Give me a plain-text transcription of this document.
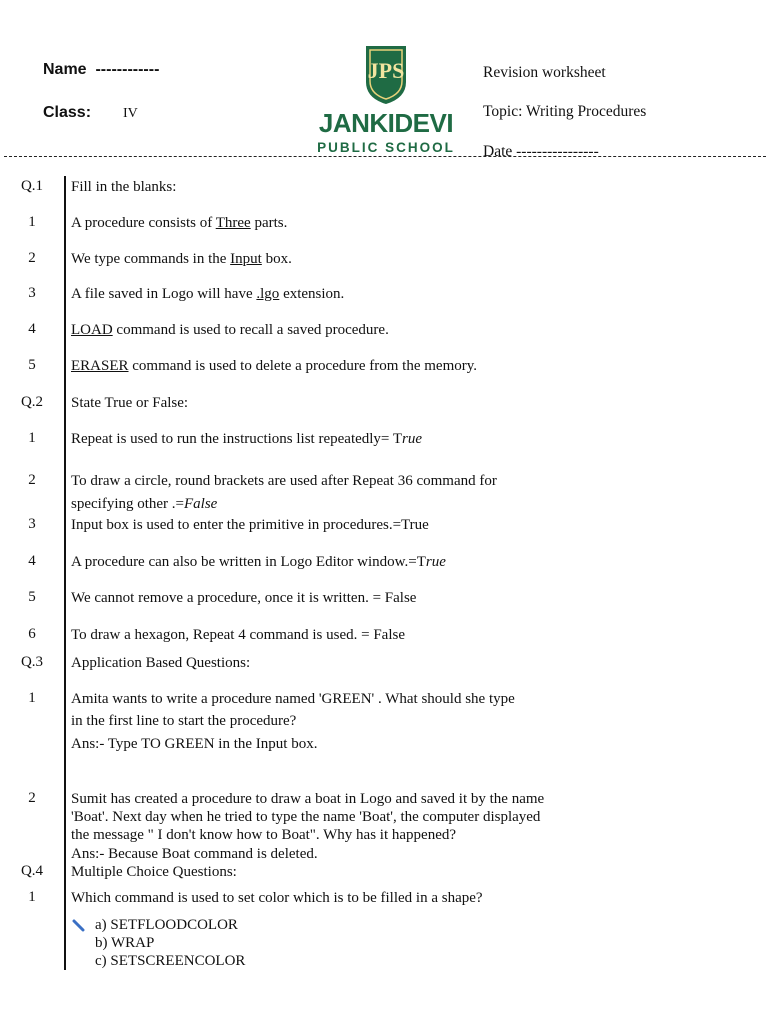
Name ------------
Class: IV
JPS
JANKIDEVI
PUBLIC SCHOOL
Revision worksheet
Topic: Writing Procedures
Date ----------------
Q.1	Fill in the blanks:
1	A procedure consists of Three parts.
2	We type commands in the Input box.
3	A file saved in Logo will have .lgo extension.
4	LOAD command is used to recall a saved procedure.
5	ERASER command is used to delete a procedure from the memory.
Q.2	State True or False:
1	Repeat is used to run the instructions list repeatedly= True
2	To draw a circle, round brackets are used after Repeat 36 command for
specifying other .=False
3	Input box is used to enter the primitive in procedures.=True
4	A procedure can also be written in Logo Editor window.=True
5	We cannot remove a procedure, once it is written. = False
6	To draw a hexagon, Repeat 4 command is used. = False
Q.3	Application Based Questions:
1	Amita wants to write a procedure named 'GREEN' . What should she type
in the first line to start the procedure?
Ans:- Type TO GREEN in the Input box.
2	Sumit has created a procedure to draw a boat in Logo and saved it by the name
'Boat'. Next day when he tried to type the name 'Boat', the computer displayed
the message " I don't know how to Boat". Why has it happened?
Ans:- Because Boat command is deleted.
Q.4	Multiple Choice Questions:
1	Which command is used to set color which is to be filled in a shape?
a) SETFLOODCOLOR
b) WRAP
c) SETSCREENCOLOR
